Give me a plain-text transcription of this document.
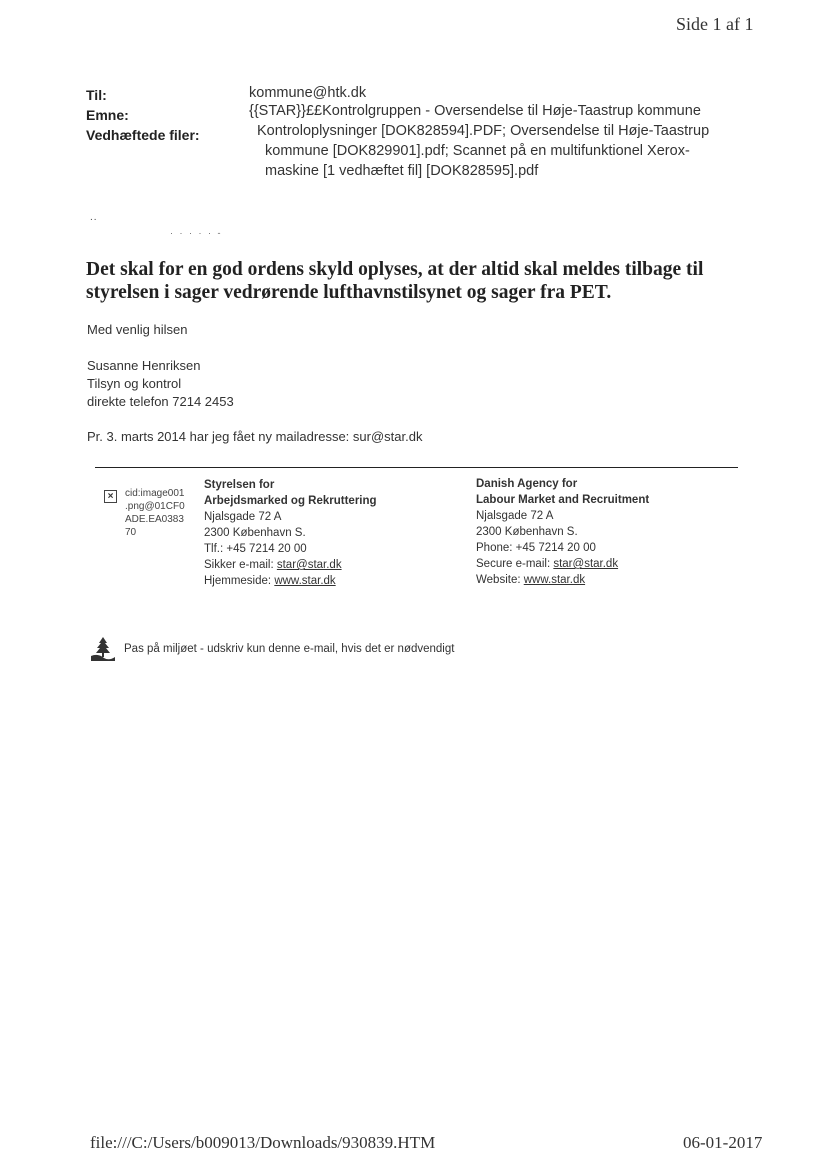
Side 1 af 1
Til:	kommune@htk.dk
Emne:	{{STAR}}££Kontrolgruppen - Oversendelse til Høje-Taastrup kommune
Vedhæftede filer:	Kontroloplysninger [DOK828594].PDF; Oversendelse til Høje-Taastrup
kommune [DOK829901].pdf; Scannet på en multifunktionel Xerox-
maskine [1 vedhæftet fil] [DOK828595].pdf
..
· · · · · -
Det skal for en god ordens skyld oplyses, at der altid skal meldes tilbage til
styrelsen i sager vedrørende lufthavnstilsynet og sager fra PET.
Med venlig hilsen
Susanne Henriksen
Tilsyn og kontrol
direkte telefon 7214 2453
Pr. 3. marts 2014 har jeg fået ny mailadresse: sur@star.dk
×	cid:image001
.png@01CF0
ADE.EA0383
70
Styrelsen for
Arbejdsmarked og Rekruttering
Njalsgade 72 A
2300 København S.
Tlf.: +45 7214 20 00
Sikker e-mail: star@star.dk
Hjemmeside: www.star.dk
Danish Agency for
Labour Market and Recruitment
Njalsgade 72 A
2300 København S.
Phone: +45 7214 20 00
Secure e-mail: star@star.dk
Website: www.star.dk
Pas på miljøet - udskriv kun denne e-mail, hvis det er nødvendigt
file:///C:/Users/b009013/Downloads/930839.HTM	06-01-2017
